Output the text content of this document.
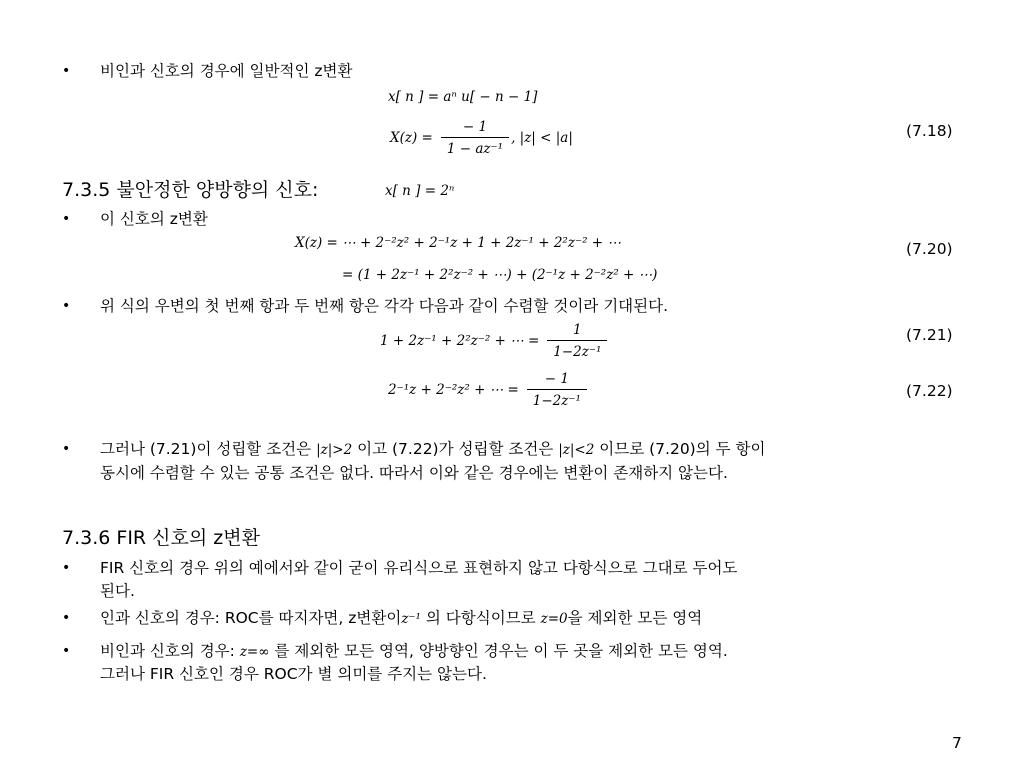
• 비인과 신호의 경우에 일반적인 z변환
x[ n ] = aⁿ u[ − n − 1]
$X(z) = \frac{- 1}{\text{1 − az⁻¹}}$ , |z| < |a|	(7.18)
7.3.5 불안정한 양방향의 신호:	x[ n ] = 2ⁿ
• 이 신호의 z변환
X(z) = ⋯ + 2⁻²z² + 2⁻¹z + 1 + 2z⁻¹ + 2²z⁻² + ⋯	(7.20)
= (1 + 2z⁻¹ + 2²z⁻² + ⋯) + (2⁻¹z + 2⁻²z² + ⋯)
• 위 식의 우변의 첫 번째 항과 두 번째 항은 각각 다음과 같이 수렴할 것이라 기대된다.
1 + 2z⁻¹ + 2²z⁻² + ⋯ = $\frac{1}{\text{1−2z⁻¹}}$	(7.21)
2⁻¹z + 2⁻²z² + ⋯ = $\frac{- 1}{\text{1−2z⁻¹}}$	(7.22)
• 그러나 (7.21)이 성립할 조건은 |z|>2 이고 (7.22)가 성립할 조건은 |z|<2 이므로 (7.20)의 두 항이
동시에 수렴할 수 있는 공통 조건은 없다. 따라서 이와 같은 경우에는 변환이 존재하지 않는다.
7.3.6 FIR 신호의 z변환
• FIR 신호의 경우 위의 예에서와 같이 굳이 유리식으로 표현하지 않고 다항식으로 그대로 두어도
된다.
• 인과 신호의 경우: ROC를 따지자면, z변환이z⁻¹ 의 다항식이므로 z=0을 제외한 모든 영역
• 비인과 신호의 경우: z=∞ 를 제외한 모든 영역, 양방향인 경우는 이 두 곳을 제외한 모든 영역.
그러나 FIR 신호인 경우 ROC가 별 의미를 주지는 않는다.
7
